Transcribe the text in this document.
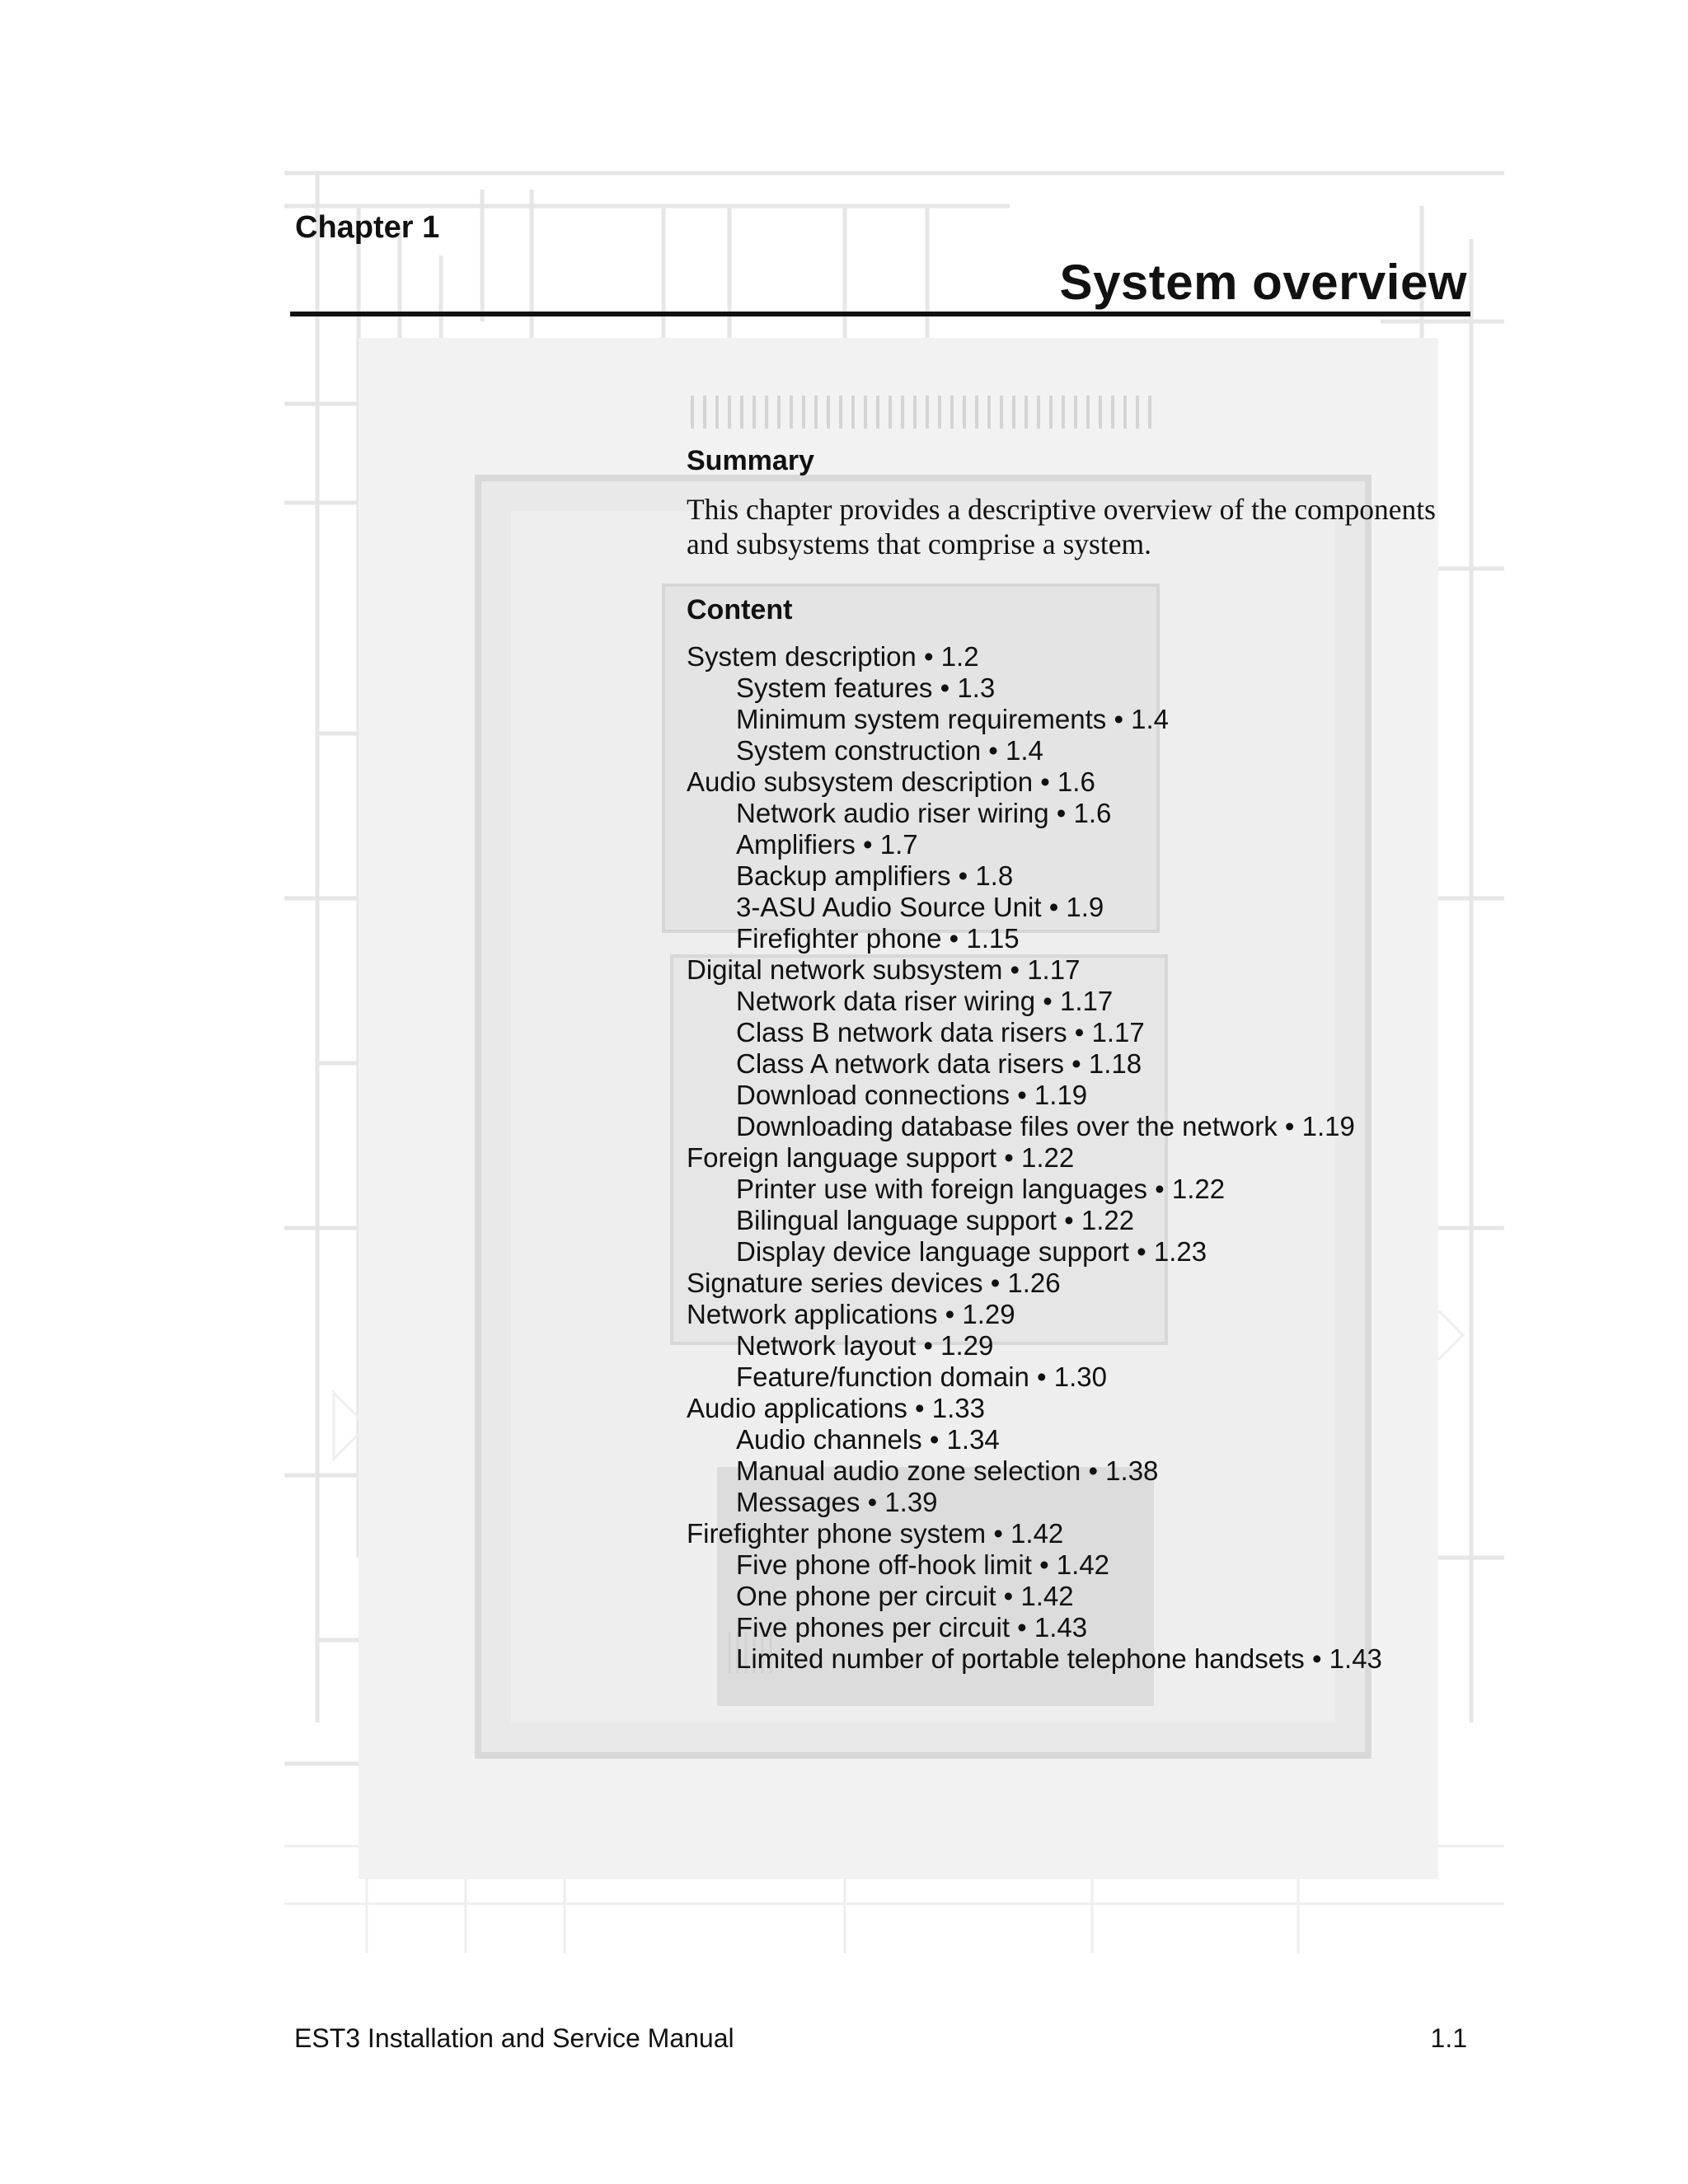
Chapter 1
System overview
Summary

This chapter provides a descriptive overview of the components and subsystems that comprise a system.

Content
System description • 1.2
System features • 1.3
Minimum system requirements • 1.4
System construction • 1.4
Audio subsystem description • 1.6
Network audio riser wiring • 1.6
Amplifiers • 1.7
Backup amplifiers • 1.8
3-ASU Audio Source Unit • 1.9
Firefighter phone • 1.15
Digital network subsystem • 1.17
Network data riser wiring • 1.17
Class B network data risers • 1.17
Class A network data risers • 1.18
Download connections • 1.19
Downloading database files over the network • 1.19
Foreign language support • 1.22
Printer use with foreign languages • 1.22
Bilingual language support • 1.22
Display device language support • 1.23
Signature series devices • 1.26
Network applications • 1.29
Network layout • 1.29
Feature/function domain • 1.30
Audio applications • 1.33
Audio channels • 1.34
Manual audio zone selection • 1.38
Messages • 1.39
Firefighter phone system • 1.42
Five phone off-hook limit • 1.42
One phone per circuit • 1.42
Five phones per circuit • 1.43
Limited number of portable telephone handsets • 1.43
EST3 Installation and Service Manual	1.1
